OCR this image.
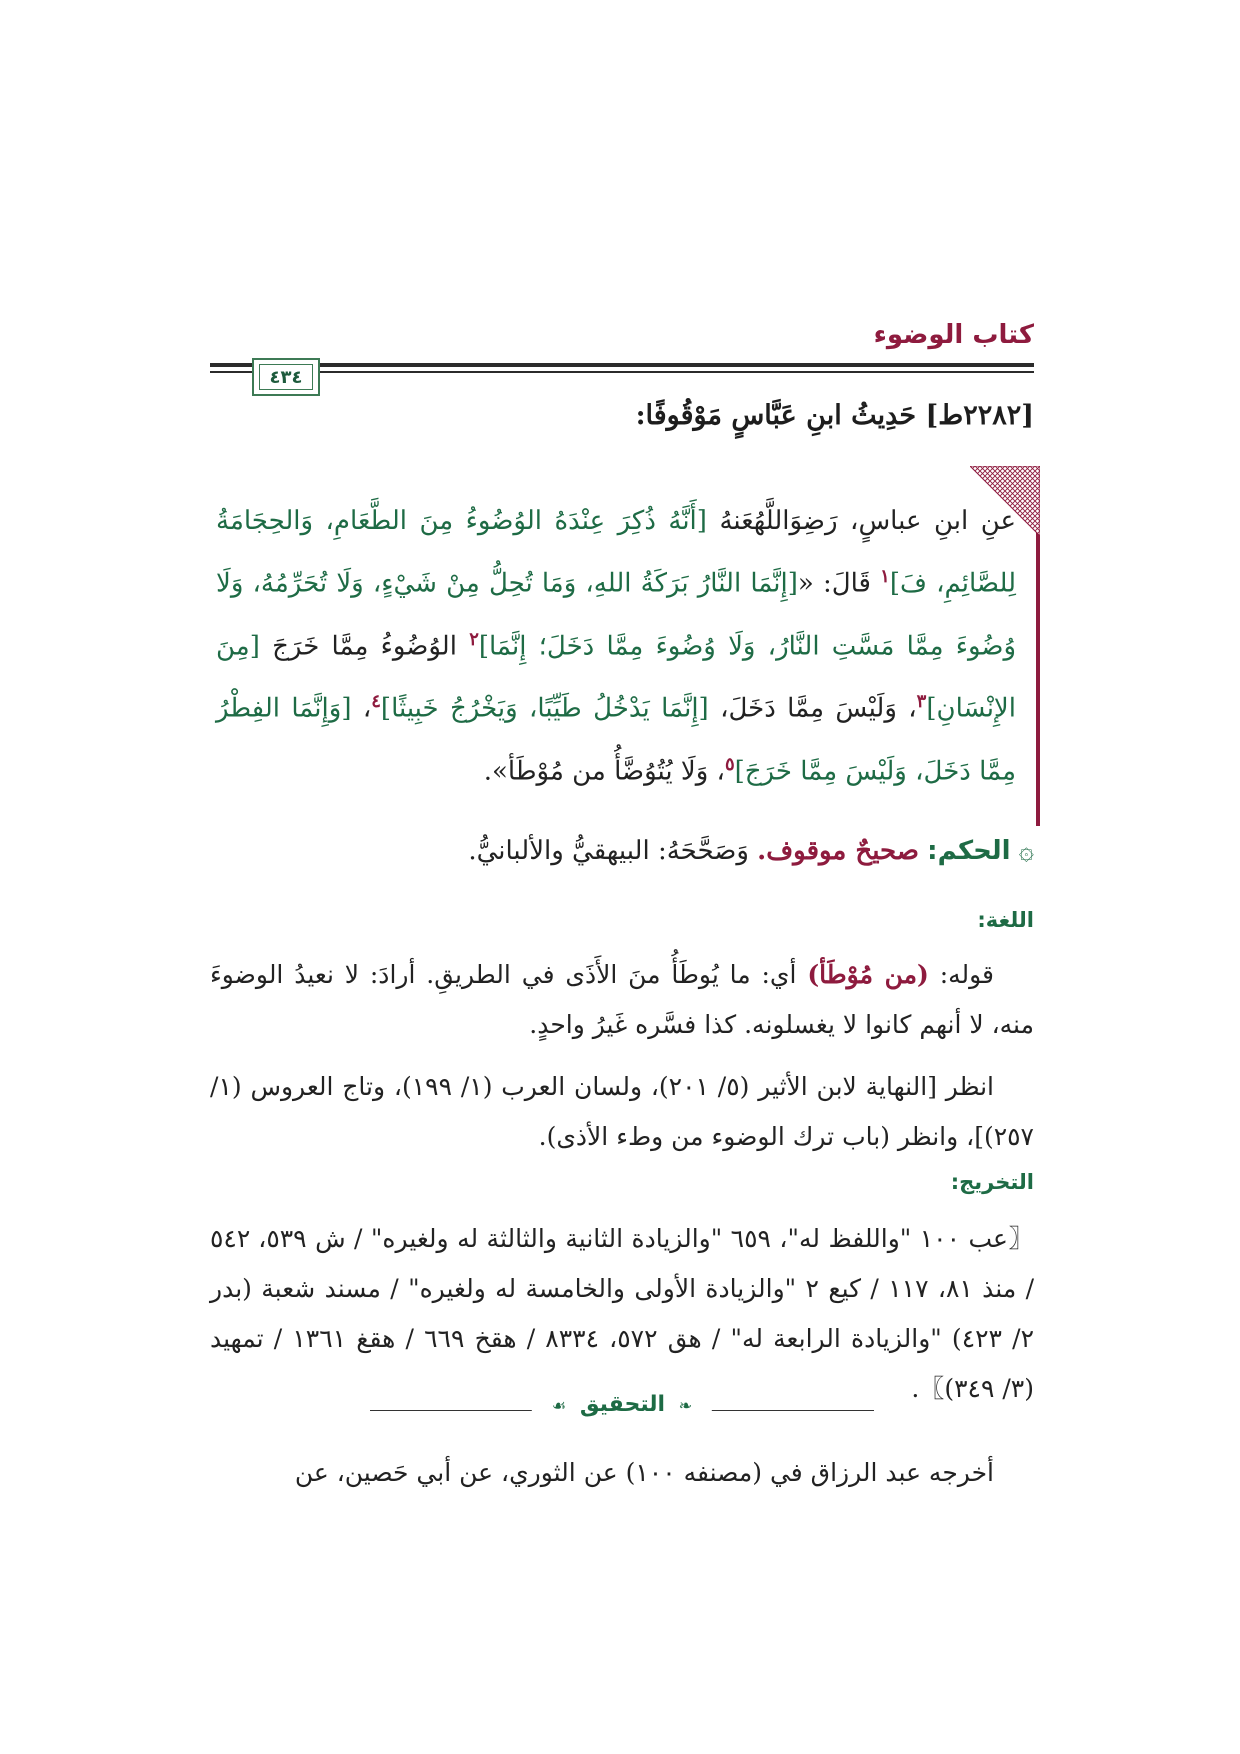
كتاب الوضوء
٤٣٤
[٢٢٨٢ط] حَدِيثُ ابنِ عَبَّاسٍ مَوْقُوفًا:

عنِ ابنِ عباسٍ، رَضِوَاللَّهُعَنهُ [أَنَّهُ ذُكِرَ عِنْدَهُ الوُضُوءُ مِنَ الطَّعَامِ، وَالحِجَامَةُ لِلصَّائِمِ، فَ]$^١$ قَالَ: «[إِنَّمَا النَّارُ بَرَكَةُ اللهِ، وَمَا تُحِلُّ مِنْ شَيْءٍ، وَلَا تُحَرِّمُهُ، وَلَا وُضُوءَ مِمَّا مَسَّتِ النَّارُ، وَلَا وُضُوءَ مِمَّا دَخَلَ؛ إِنَّمَا]$^٢$ الوُضُوءُ مِمَّا خَرَجَ [مِنَ الإِنْسَانِ]$^٣$، وَلَيْسَ مِمَّا دَخَلَ، [إِنَّمَا يَدْخُلُ طَيِّبًا، وَيَخْرُجُ خَبِيثًا]$^٤$، [وَإِنَّمَا الفِطْرُ مِمَّا دَخَلَ، وَلَيْسَ مِمَّا خَرَجَ]$^٥$، وَلَا يُتُوُضَّأُ من مُوْطَأ».

۞ الحكم: صحيحٌ موقوف. وَصَحَّحَهُ: البيهقيُّ والألبانيُّ.

اللغة:

قوله: (من مُوْطَأ) أي: ما يُوطَأُ منَ الأَذَى في الطريقِ. أرادَ: لا نعيدُ الوضوءَ منه، لا أنهم كانوا لا يغسلونه. كذا فسَّره غَيرُ واحدٍ.

انظر [النهاية لابن الأثير (٥/ ٢٠١)، ولسان العرب (١/ ١٩٩)، وتاج العروس (١/ ٢٥٧)]، وانظر (باب ترك الوضوء من وطء الأذى).

التخريج:

〖عب ١٠٠ "واللفظ له"، ٦٥٩ "والزيادة الثانية والثالثة له ولغيره" / ش ٥٣٩، ٥٤٢ / منذ ٨١، ١١٧ / كيع ٢ "والزيادة الأولى والخامسة له ولغيره" / مسند شعبة (بدر ٢/ ٤٢٣) "والزيادة الرابعة له" / هق ٥٧٢، ٨٣٣٤ / هقخ ٦٦٩ / هقغ ١٣٦١ / تمهيد (٣/ ٣٤٩)〗.

❧ التحقيق ☙

أخرجه عبد الرزاق في (مصنفه ١٠٠) عن الثوري، عن أبي حَصين، عن
